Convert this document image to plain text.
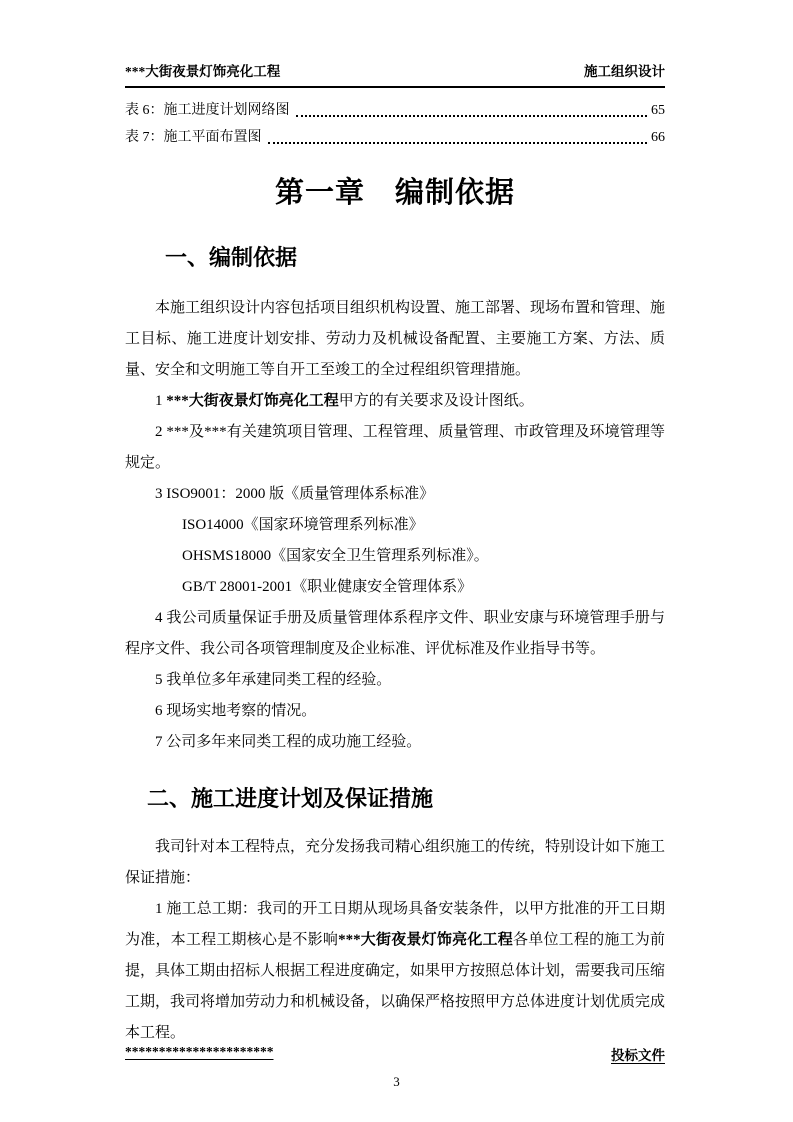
***大街夜景灯饰亮化工程	施工组织设计
表 6：施工进度计划网络图	65
表 7：施工平面布置图	66
第一章　编制依据
一、编制依据

本施工组织设计内容包括项目组织机构设置、施工部署、现场布置和管理、施工目标、施工进度计划安排、劳动力及机械设备配置、主要施工方案、方法、质量、安全和文明施工等自开工至竣工的全过程组织管理措施。

1 ***大街夜景灯饰亮化工程甲方的有关要求及设计图纸。

2 ***及***有关建筑项目管理、工程管理、质量管理、市政管理及环境管理等规定。

3 ISO9001：2000 版《质量管理体系标准》

ISO14000《国家环境管理系列标准》

OHSMS18000《国家安全卫生管理系列标准》。

GB/T 28001-2001《职业健康安全管理体系》

4 我公司质量保证手册及质量管理体系程序文件、职业安康与环境管理手册与程序文件、我公司各项管理制度及企业标准、评优标准及作业指导书等。

5 我单位多年承建同类工程的经验。

6 现场实地考察的情况。

7 公司多年来同类工程的成功施工经验。

二、施工进度计划及保证措施

我司针对本工程特点，充分发扬我司精心组织施工的传统，特别设计如下施工保证措施：

1 施工总工期：我司的开工日期从现场具备安装条件，以甲方批准的开工日期为准，本工程工期核心是不影响***大街夜景灯饰亮化工程各单位工程的施工为前提，具体工期由招标人根据工程进度确定，如果甲方按照总体计划，需要我司压缩工期，我司将增加劳动力和机械设备，以确保严格按照甲方总体进度计划优质完成本工程。

**********************	投标文件
3
